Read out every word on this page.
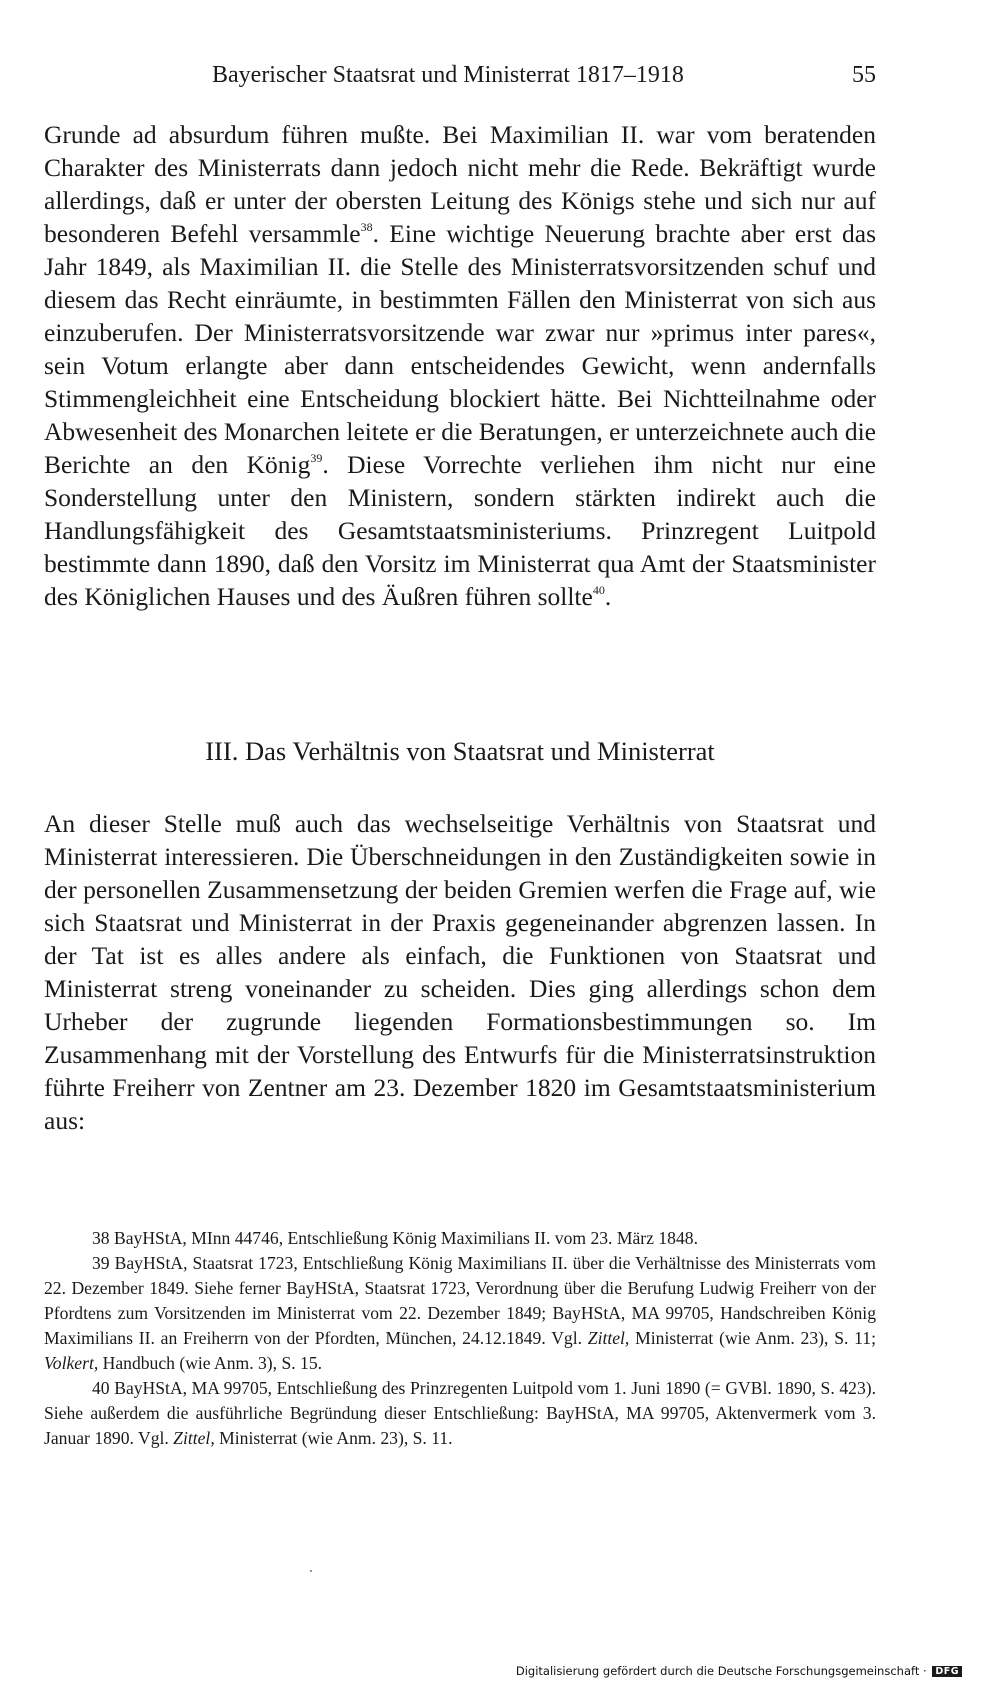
Bayerischer Staatsrat und Ministerrat 1817–1918	55

Grunde ad absurdum führen mußte. Bei Maximilian II. war vom beratenden Charakter des Ministerrats dann jedoch nicht mehr die Rede. Bekräftigt wurde allerdings, daß er unter der obersten Leitung des Königs stehe und sich nur auf besonderen Befehl versammle$^{38}$. Eine wichtige Neuerung brachte aber erst das Jahr 1849, als Maximilian II. die Stelle des Ministerratsvorsitzenden schuf und diesem das Recht einräumte, in bestimmten Fällen den Ministerrat von sich aus einzuberufen. Der Ministerratsvorsitzende war zwar nur »primus inter pares«, sein Votum erlangte aber dann entscheidendes Gewicht, wenn andernfalls Stimmengleichheit eine Entscheidung blockiert hätte. Bei Nichtteilnahme oder Abwesenheit des Monarchen leitete er die Beratungen, er unterzeichnete auch die Berichte an den König$^{39}$. Diese Vorrechte verliehen ihm nicht nur eine Sonderstellung unter den Ministern, sondern stärkten indirekt auch die Handlungsfähigkeit des Gesamtstaatsministeriums. Prinzregent Luitpold bestimmte dann 1890, daß den Vorsitz im Ministerrat qua Amt der Staatsminister des Königlichen Hauses und des Äußren führen sollte$^{40}$.

III. Das Verhältnis von Staatsrat und Ministerrat

An dieser Stelle muß auch das wechselseitige Verhältnis von Staatsrat und Ministerrat interessieren. Die Überschneidungen in den Zuständigkeiten sowie in der personellen Zusammensetzung der beiden Gremien werfen die Frage auf, wie sich Staatsrat und Ministerrat in der Praxis gegeneinander abgrenzen lassen. In der Tat ist es alles andere als einfach, die Funktionen von Staatsrat und Ministerrat streng voneinander zu scheiden. Dies ging allerdings schon dem Urheber der zugrunde liegenden Formationsbestimmungen so. Im Zusammenhang mit der Vorstellung des Entwurfs für die Ministerratsinstruktion führte Freiherr von Zentner am 23. Dezember 1820 im Gesamtstaatsministerium aus:

38 BayHStA, MInn 44746, Entschließung König Maximilians II. vom 23. März 1848.

39 BayHStA, Staatsrat 1723, Entschließung König Maximilians II. über die Verhältnisse des Ministerrats vom 22. Dezember 1849. Siehe ferner BayHStA, Staatsrat 1723, Verordnung über die Berufung Ludwig Freiherr von der Pfordtens zum Vorsitzenden im Ministerrat vom 22. Dezember 1849; BayHStA, MA 99705, Handschreiben König Maximilians II. an Freiherrn von der Pfordten, München, 24.12.1849. Vgl. Zittel, Ministerrat (wie Anm. 23), S. 11; Volkert, Handbuch (wie Anm. 3), S. 15.

40 BayHStA, MA 99705, Entschließung des Prinzregenten Luitpold vom 1. Juni 1890 (= GVBl. 1890, S. 423). Siehe außerdem die ausführliche Begründung dieser Entschließung: BayHStA, MA 99705, Aktenvermerk vom 3. Januar 1890. Vgl. Zittel, Ministerrat (wie Anm. 23), S. 11.

Digitalisierung gefördert durch die Deutsche Forschungsgemeinschaft · DFG
